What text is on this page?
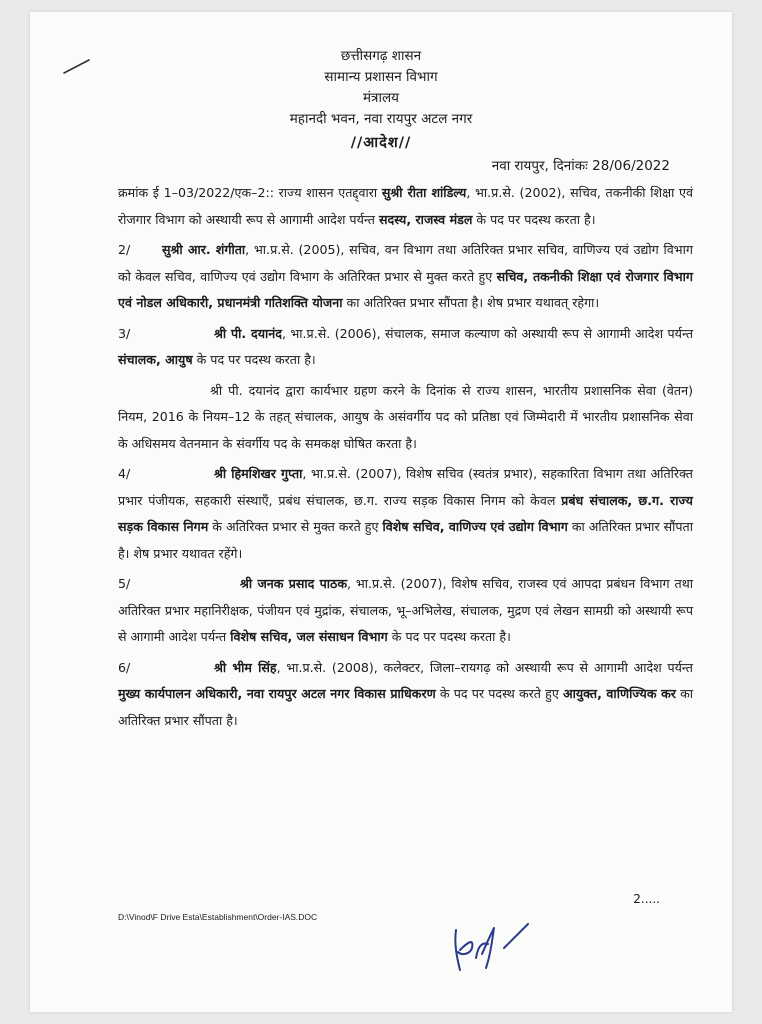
छत्तीसगढ़ शासन
सामान्य प्रशासन विभाग
मंत्रालय
महानदी भवन, नवा रायपुर अटल नगर
//आदेश//
नवा रायपुर, दिनांकः 28/06/2022

क्रमांक ई 1–03/2022/एक–2:: राज्य शासन एतद्द्वारा सुश्री रीता शांडिल्य, भा.प्र.से. (2002), सचिव, तकनीकी शिक्षा एवं रोजगार विभाग को अस्थायी रूप से आगामी आदेश पर्यन्त सदस्य, राजस्व मंडल के पद पर पदस्थ करता है।

2/	सुश्री आर. शंगीता, भा.प्र.से. (2005), सचिव, वन विभाग तथा अतिरिक्त प्रभार सचिव, वाणिज्य एवं उद्योग विभाग को केवल सचिव, वाणिज्य एवं उद्योग विभाग के अतिरिक्त प्रभार से मुक्त करते हुए सचिव, तकनीकी शिक्षा एवं रोजगार विभाग एवं नोडल अधिकारी, प्रधानमंत्री गतिशक्ति योजना का अतिरिक्त प्रभार सौंपता है। शेष प्रभार यथावत् रहेगा।

3/	श्री पी. दयानंद, भा.प्र.से. (2006), संचालक, समाज कल्याण को अस्थायी रूप से आगामी आदेश पर्यन्त संचालक, आयुष के पद पर पदस्थ करता है।

श्री पी. दयानंद द्वारा कार्यभार ग्रहण करने के दिनांक से राज्य शासन, भारतीय प्रशासनिक सेवा (वेतन) नियम, 2016 के नियम–12 के तहत् संचालक, आयुष के असंवर्गीय पद को प्रतिष्ठा एवं जिम्मेदारी में भारतीय प्रशासनिक सेवा के अधिसमय वेतनमान के संवर्गीय पद के समकक्ष घोषित करता है।

4/	श्री हिमशिखर गुप्ता, भा.प्र.से. (2007), विशेष सचिव (स्वतंत्र प्रभार), सहकारिता विभाग तथा अतिरिक्त प्रभार पंजीयक, सहकारी संस्थाएँ, प्रबंध संचालक, छ.ग. राज्य सड़क विकास निगम को केवल प्रबंध संचालक, छ.ग. राज्य सड़क विकास निगम के अतिरिक्त प्रभार से मुक्त करते हुए विशेष सचिव, वाणिज्य एवं उद्योग विभाग का अतिरिक्त प्रभार सौंपता है। शेष प्रभार यथावत रहेंगे।

5/	श्री जनक प्रसाद पाठक, भा.प्र.से. (2007), विशेष सचिव, राजस्व एवं आपदा प्रबंधन विभाग तथा अतिरिक्त प्रभार महानिरीक्षक, पंजीयन एवं मुद्रांक, संचालक, भू–अभिलेख, संचालक, मुद्रण एवं लेखन सामग्री को अस्थायी रूप से आगामी आदेश पर्यन्त विशेष सचिव, जल संसाधन विभाग के पद पर पदस्थ करता है।

6/	श्री भीम सिंह, भा.प्र.से. (2008), कलेक्टर, जिला–रायगढ़ को अस्थायी रूप से आगामी आदेश पर्यन्त मुख्य कार्यपालन अधिकारी, नवा रायपुर अटल नगर विकास प्राधिकरण के पद पर पदस्थ करते हुए आयुक्त, वाणिज्यिक कर का अतिरिक्त प्रभार सौंपता है।

2.....
D:\Vinod\F Drive Esta\Establishment\Order-IAS.DOC
